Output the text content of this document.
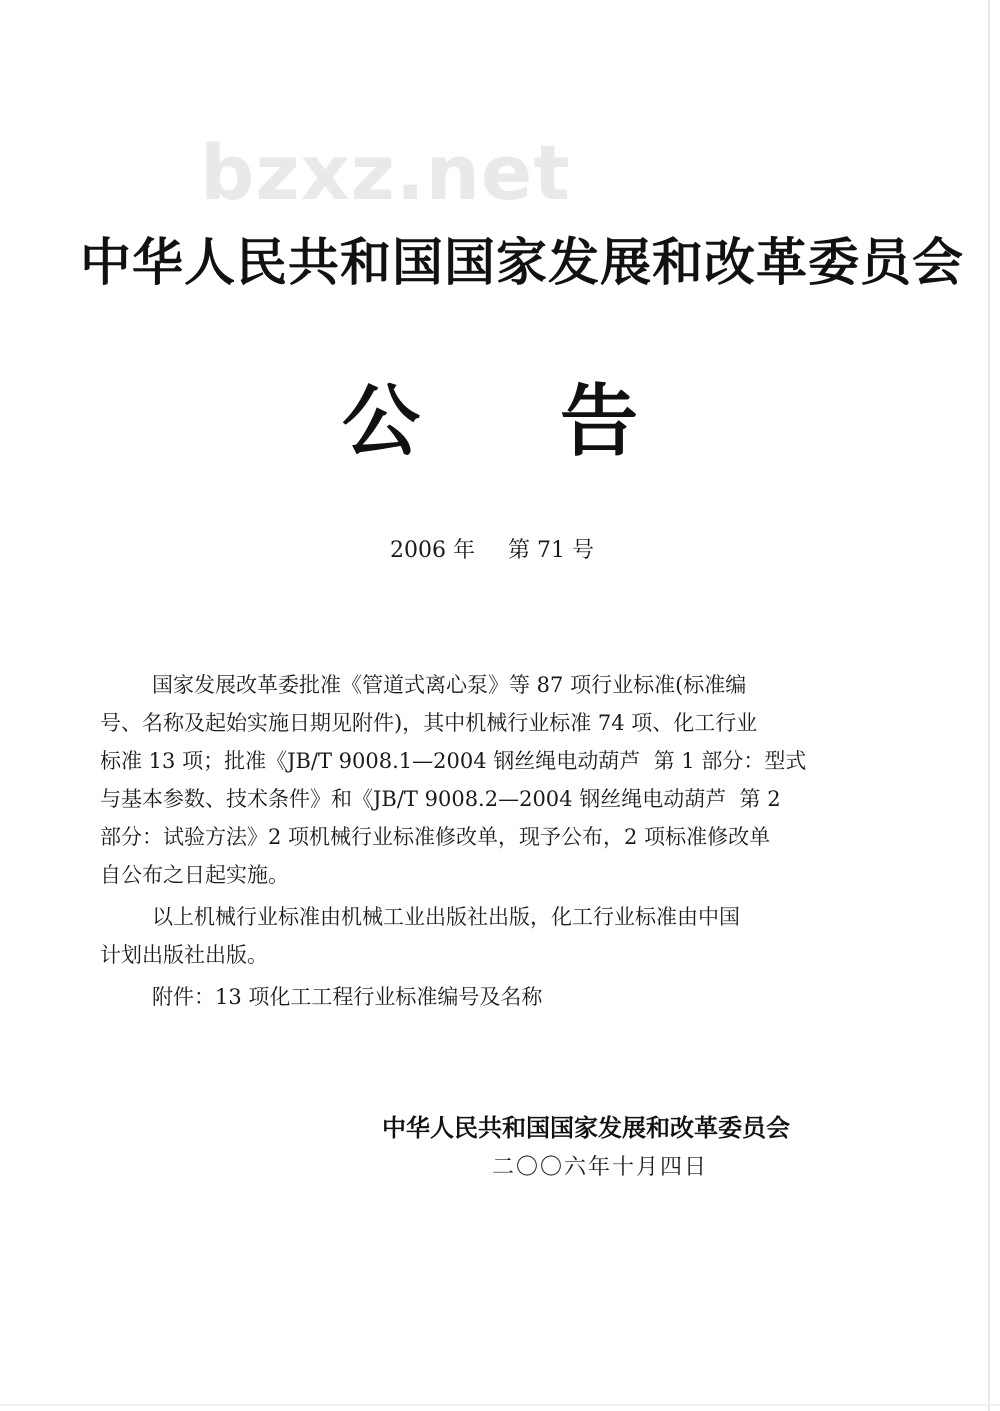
bzxz.net
中华人民共和国国家发展和改革委员会
公 告
2006 年 第 71 号
国家发展改革委批准《管道式离心泵》等 87 项行业标准(标准编
号、名称及起始实施日期见附件)，其中机械行业标准 74 项、化工行业
标准 13 项；批准《JB/T 9008.1—2004 钢丝绳电动葫芦  第 1 部分：型式
与基本参数、技术条件》和《JB/T 9008.2—2004 钢丝绳电动葫芦  第 2
部分：试验方法》2 项机械行业标准修改单，现予公布，2 项标准修改单
自公布之日起实施。
以上机械行业标准由机械工业出版社出版，化工行业标准由中国
计划出版社出版。
附件：13 项化工工程行业标准编号及名称
中华人民共和国国家发展和改革委员会
二〇〇六年十月四日
